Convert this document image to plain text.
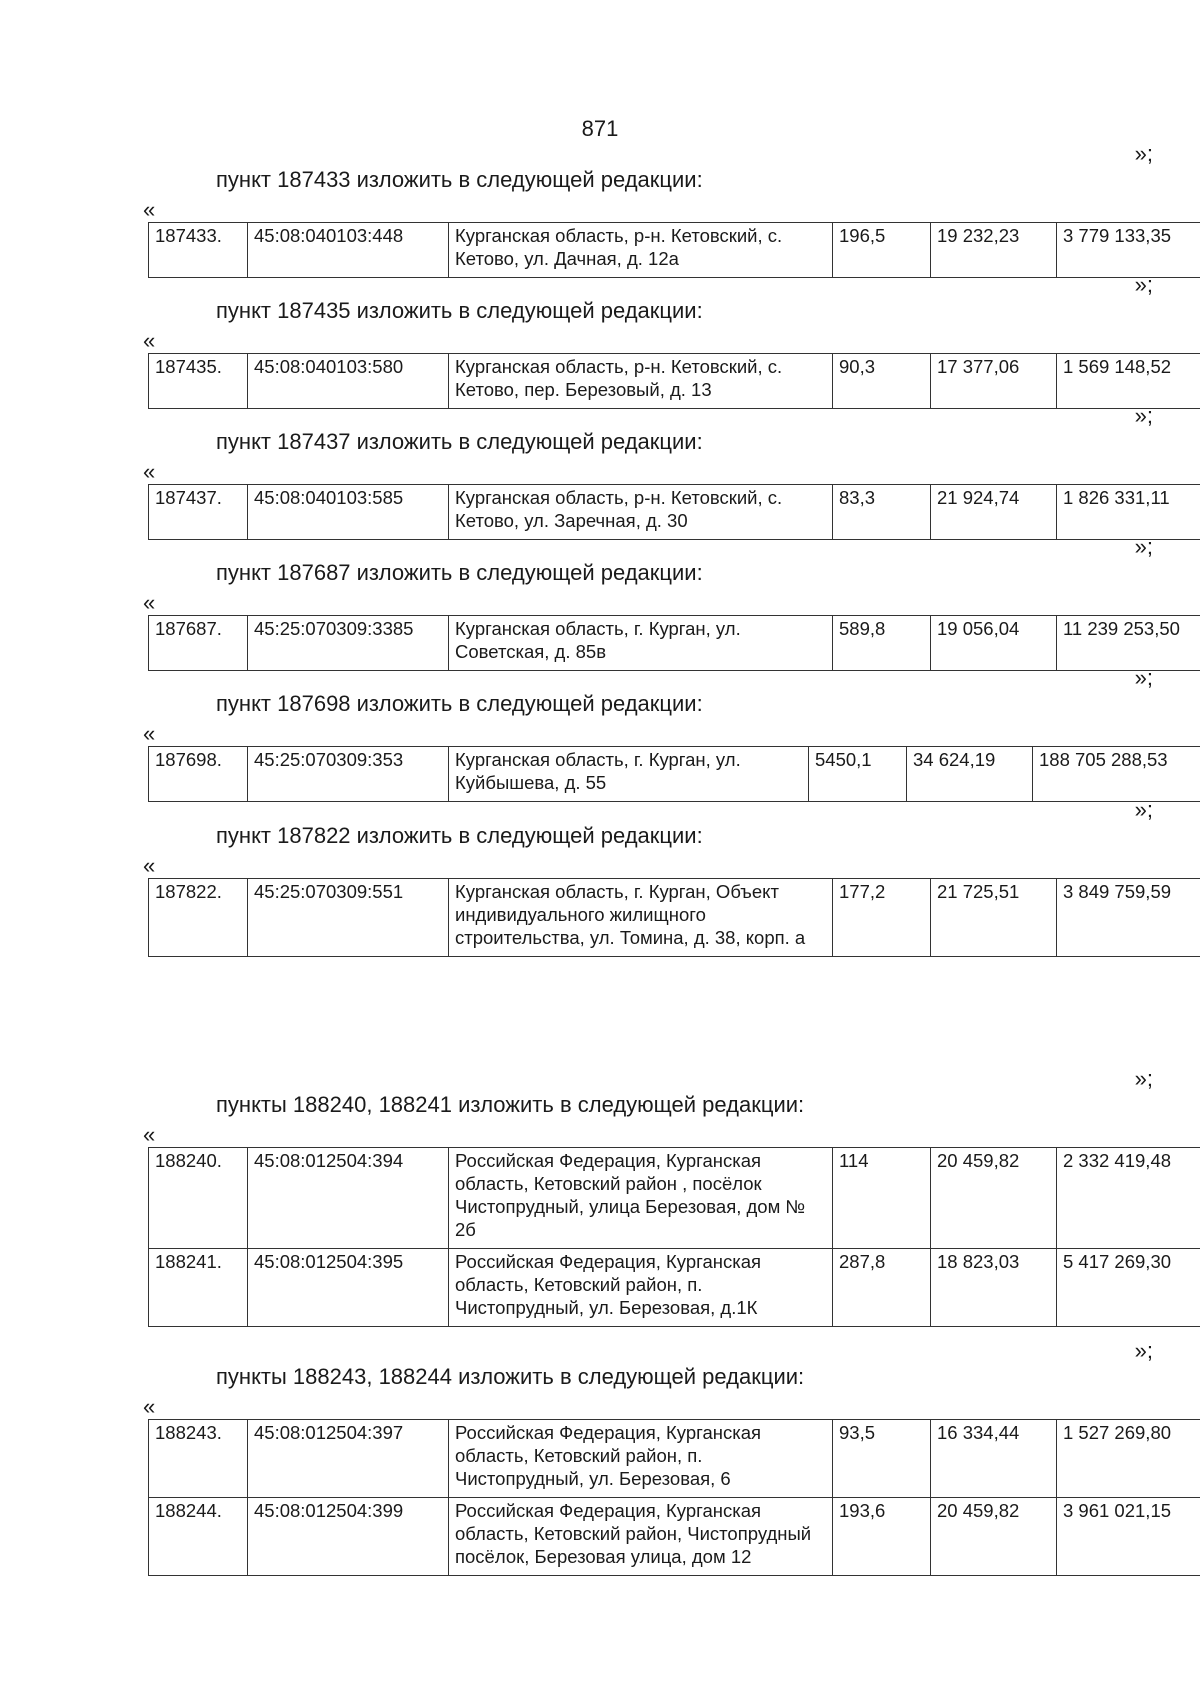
871
»;
пункт 187433 изложить в следующей редакции:
«
187433.	45:08:040103:448	Курганская область, р-н. Кетовский, с. Кетово, ул. Дачная, д. 12а	196,5	19 232,23	3 779 133,35
»;
пункт 187435 изложить в следующей редакции:
«
187435.	45:08:040103:580	Курганская область, р-н. Кетовский, с. Кетово, пер. Березовый, д. 13	90,3	17 377,06	1 569 148,52
»;
пункт 187437 изложить в следующей редакции:
«
187437.	45:08:040103:585	Курганская область, р-н. Кетовский, с. Кетово, ул. Заречная, д. 30	83,3	21 924,74	1 826 331,11
»;
пункт 187687 изложить в следующей редакции:
«
187687.	45:25:070309:3385	Курганская область, г. Курган, ул. Советская, д. 85в	589,8	19 056,04	11 239 253,50
»;
пункт 187698 изложить в следующей редакции:
«
187698.	45:25:070309:353	Курганская область, г. Курган, ул. Куйбышева, д. 55	5450,1	34 624,19	188 705 288,53
»;
пункт 187822 изложить в следующей редакции:
«
187822.	45:25:070309:551	Курганская область, г. Курган, Объект индивидуального жилищного строительства, ул. Томина, д. 38, корп. а	177,2	21 725,51	3 849 759,59
»;
пункты 188240, 188241 изложить в следующей редакции:
«
188240.	45:08:012504:394	Российская Федерация, Курганская область, Кетовский район , посёлок Чистопрудный, улица Березовая, дом № 2б	114	20 459,82	2 332 419,48
188241.	45:08:012504:395	Российская Федерация, Курганская область, Кетовский район, п. Чистопрудный, ул. Березовая, д.1К	287,8	18 823,03	5 417 269,30
»;
пункты 188243, 188244 изложить в следующей редакции:
«
188243.	45:08:012504:397	Российская Федерация, Курганская область, Кетовский район, п. Чистопрудный, ул. Березовая, 6	93,5	16 334,44	1 527 269,80
188244.	45:08:012504:399	Российская Федерация, Курганская область, Кетовский район, Чистопрудный посёлок, Березовая улица, дом 12	193,6	20 459,82	3 961 021,15
